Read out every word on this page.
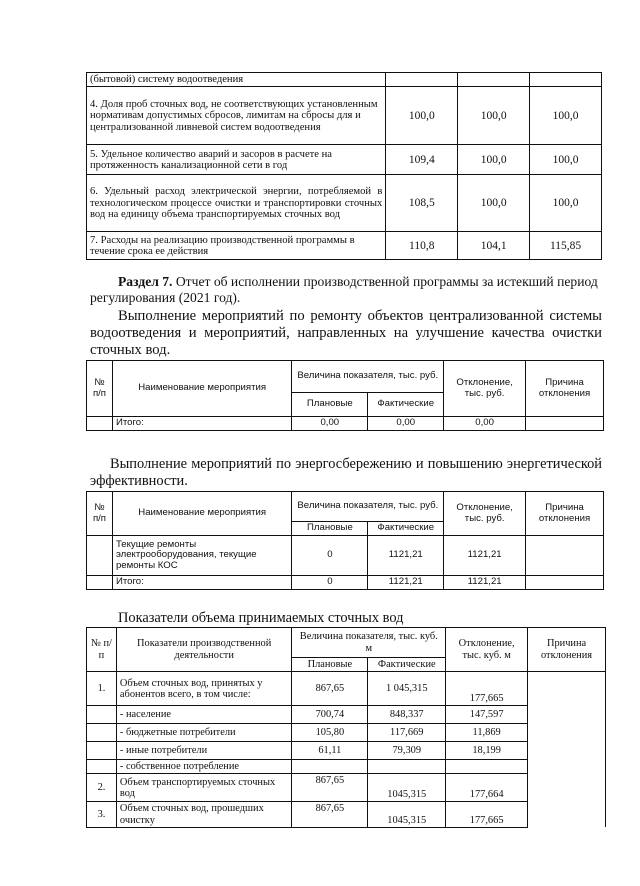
(бытовой) систему водоотведения			
4. Доля проб сточных вод, не соответствующих установленным нормативам допустимых сбросов, лимитам на сбросы для и централизованной ливневой систем водоотведения	100,0	100,0	100,0
5. Удельное количество аварий и засоров в расчете на протяженность канализационной сети в год	109,4	100,0	100,0
6. Удельный расход электрической энергии, потребляемой в технологическом процессе очистки и транспортировки сточных вод на единицу объема транспортируемых сточных вод	108,5	100,0	100,0
7. Расходы на реализацию производственной программы в течение срока ее действия	110,8	104,1	115,85
Раздел 7. Отчет об исполнении производственной программы за истекший период регулирования (2021 год).
Выполнение мероприятий по ремонту объектов централизованной системы водоотведения и мероприятий, направленных на улучшение качества очистки сточных вод.
№ п/п	Наименование мероприятия	Величина показателя, тыс. руб.		Отклонение, тыс. руб.	Причина отклонения
		Плановые	Фактические		
	Итого:	0,00	0,00	0,00	
Выполнение мероприятий по энергосбережению и повышению энергетической эффективности.
№ п/п	Наименование мероприятия	Величина показателя, тыс. руб.		Отклонение, тыс. руб.	Причина отклонения
		Плановые	Фактические		
	Текущие ремонты электрооборудования, текущие ремонты КОС	0	1121,21	1121,21	
	Итого:	0	1121,21	1121,21	
Показатели объема принимаемых сточных вод
№ п/п	Показатели производственной деятельности	Величина показателя, тыс. куб. м		Отклонение, тыс. куб. м	Причина отклонения
		Плановые	Фактические		
1.	Объем сточных вод, принятых у абонентов всего, в том числе:	867,65	1 045,315	177,665	
	- население	700,74	848,337	147,597	
	- бюджетные потребители	105,80	117,669	11,869	
	- иные потребители	61,11	79,309	18,199	
	- собственное потребление				
2.	Объем транспортируемых сточных вод	867,65	1045,315	177,664	
3.	Объем сточных вод, прошедших очистку	867,65	1045,315	177,665	
